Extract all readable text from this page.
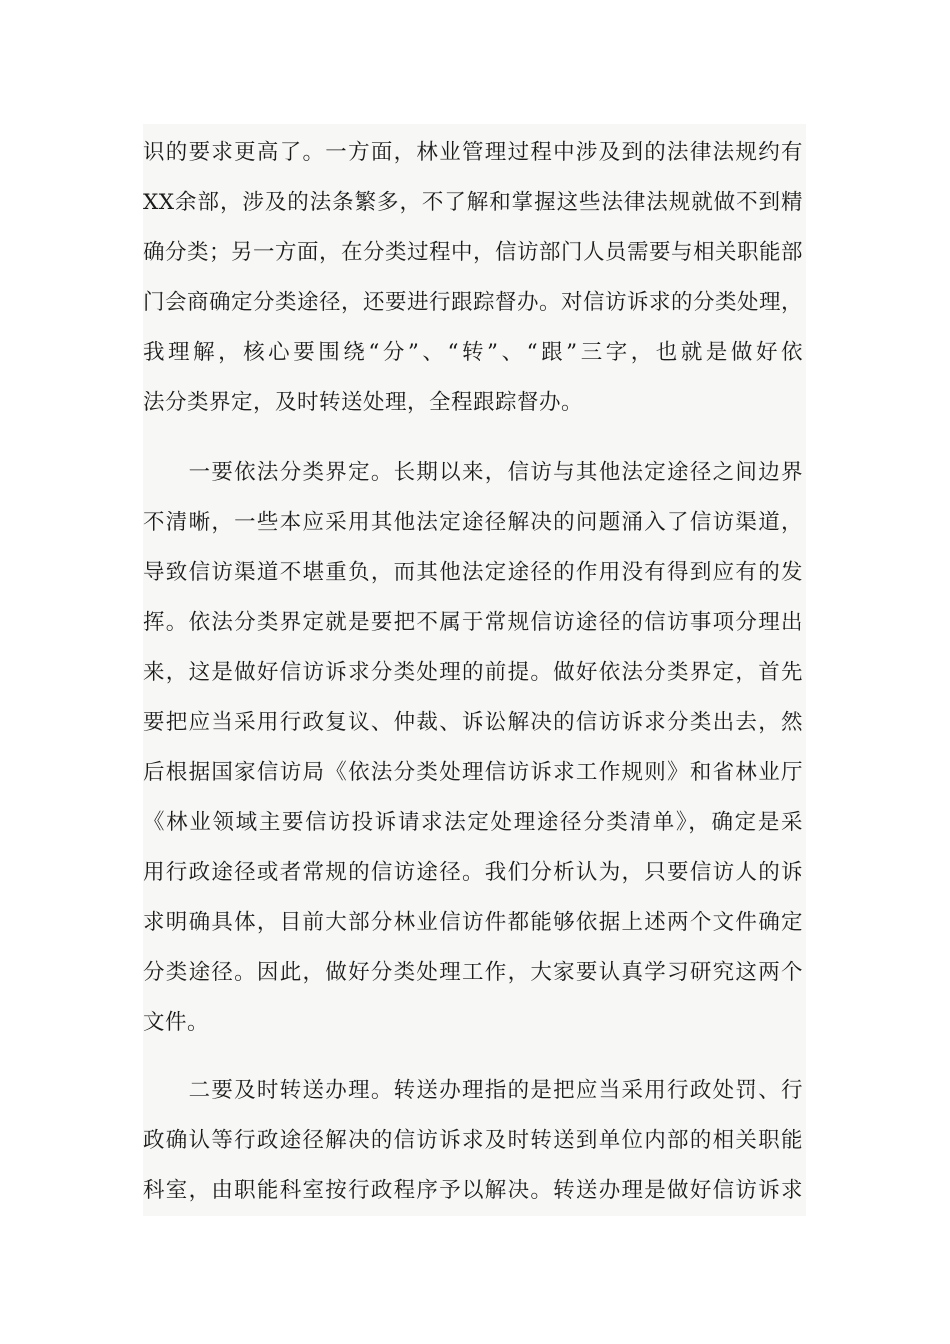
识的要求更高了。一方面，林业管理过程中涉及到的法律法规约有
XX余部，涉及的法条繁多，不了解和掌握这些法律法规就做不到精
确分类；另一方面，在分类过程中，信访部门人员需要与相关职能部
门会商确定分类途径，还要进行跟踪督办。对信访诉求的分类处理，
我理解，核心要围绕“分”、“转”、“跟”三字，也就是做好依
法分类界定，及时转送处理，全程跟踪督办。
　　一要依法分类界定。长期以来，信访与其他法定途径之间边界
不清晰，一些本应采用其他法定途径解决的问题涌入了信访渠道，
导致信访渠道不堪重负，而其他法定途径的作用没有得到应有的发
挥。依法分类界定就是要把不属于常规信访途径的信访事项分理出
来，这是做好信访诉求分类处理的前提。做好依法分类界定，首先
要把应当采用行政复议、仲裁、诉讼解决的信访诉求分类出去，然
后根据国家信访局《依法分类处理信访诉求工作规则》和省林业厅
《林业领域主要信访投诉请求法定处理途径分类清单》，确定是采
用行政途径或者常规的信访途径。我们分析认为，只要信访人的诉
求明确具体，目前大部分林业信访件都能够依据上述两个文件确定
分类途径。因此，做好分类处理工作，大家要认真学习研究这两个
文件。
　　二要及时转送办理。转送办理指的是把应当采用行政处罚、行
政确认等行政途径解决的信访诉求及时转送到单位内部的相关职能
科室，由职能科室按行政程序予以解决。转送办理是做好信访诉求
